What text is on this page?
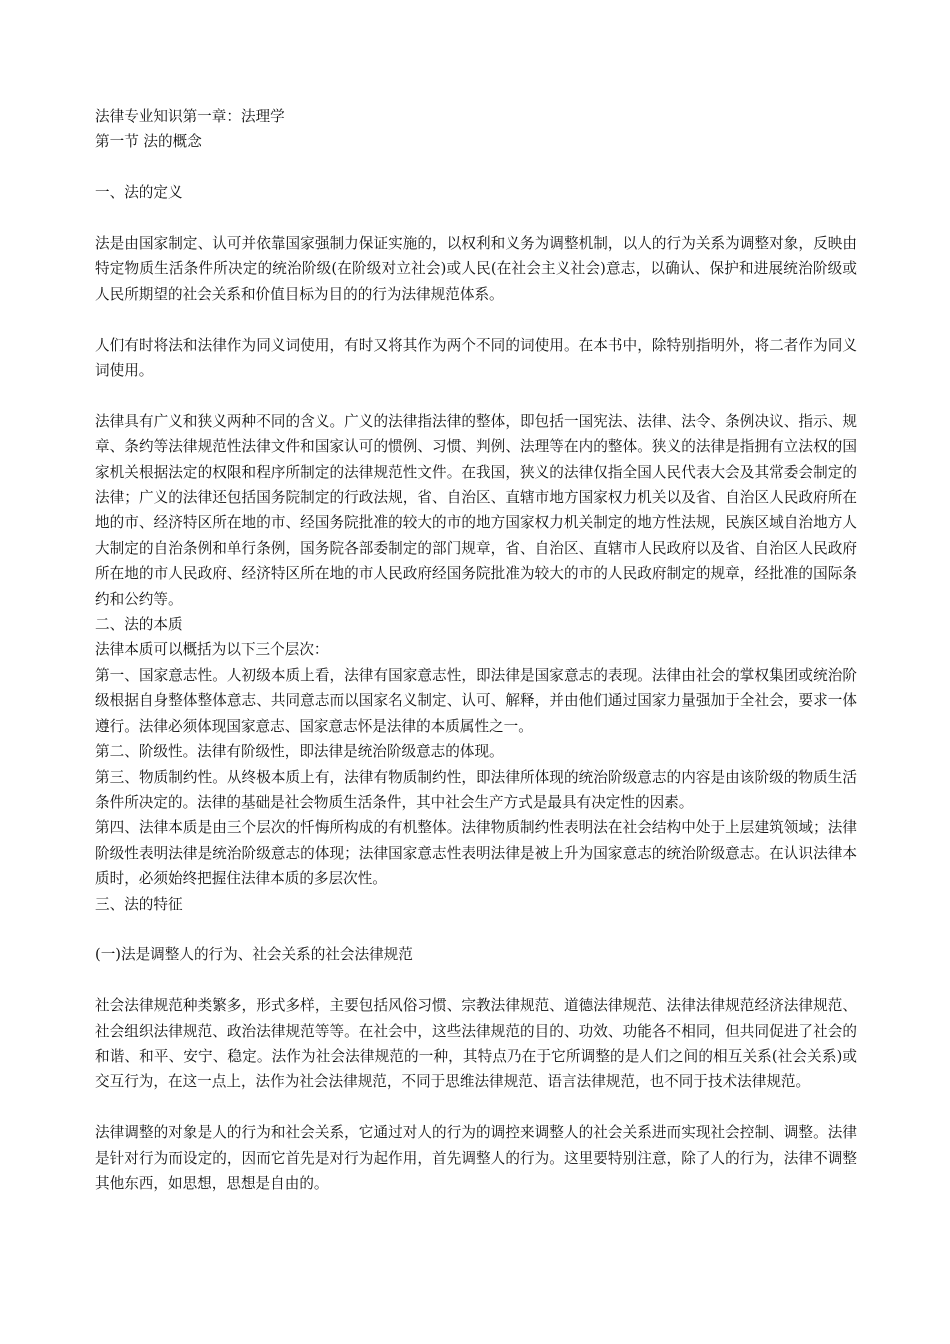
法律专业知识第一章：法理学

第一节 法的概念

一、法的定义

法是由国家制定、认可并依靠国家强制力保证实施的，以权利和义务为调整机制，以人的行为关系为调整对象，反映由特定物质生活条件所决定的统治阶级(在阶级对立社会)或人民(在社会主义社会)意志，以确认、保护和进展统治阶级或人民所期望的社会关系和价值目标为目的的行为法律规范体系。

人们有时将法和法律作为同义词使用，有时又将其作为两个不同的词使用。在本书中，除特别指明外，将二者作为同义词使用。

法律具有广义和狭义两种不同的含义。广义的法律指法律的整体，即包括一国宪法、法律、法令、条例决议、指示、规章、条约等法律规范性法律文件和国家认可的惯例、习惯、判例、法理等在内的整体。狭义的法律是指拥有立法权的国家机关根据法定的权限和程序所制定的法律规范性文件。在我国，狭义的法律仅指全国人民代表大会及其常委会制定的法律；广义的法律还包括国务院制定的行政法规，省、自治区、直辖市地方国家权力机关以及省、自治区人民政府所在地的市、经济特区所在地的市、经国务院批准的较大的市的地方国家权力机关制定的地方性法规，民族区域自治地方人大制定的自治条例和单行条例，国务院各部委制定的部门规章，省、自治区、直辖市人民政府以及省、自治区人民政府所在地的市人民政府、经济特区所在地的市人民政府经国务院批准为较大的市的人民政府制定的规章，经批准的国际条约和公约等。

二、法的本质

法律本质可以概括为以下三个层次：

第一、国家意志性。人初级本质上看，法律有国家意志性，即法律是国家意志的表现。法律由社会的掌权集团或统治阶级根据自身整体整体意志、共同意志而以国家名义制定、认可、解释，并由他们通过国家力量强加于全社会，要求一体遵行。法律必须体现国家意志、国家意志怀是法律的本质属性之一。

第二、阶级性。法律有阶级性，即法律是统治阶级意志的体现。

第三、物质制约性。从终极本质上有，法律有物质制约性，即法律所体现的统治阶级意志的内容是由该阶级的物质生活条件所决定的。法律的基础是社会物质生活条件，其中社会生产方式是最具有决定性的因素。

第四、法律本质是由三个层次的忏悔所构成的有机整体。法律物质制约性表明法在社会结构中处于上层建筑领域；法律阶级性表明法律是统治阶级意志的体现；法律国家意志性表明法律是被上升为国家意志的统治阶级意志。在认识法律本质时，必须始终把握住法律本质的多层次性。

三、法的特征

(一)法是调整人的行为、社会关系的社会法律规范

社会法律规范种类繁多，形式多样，主要包括风俗习惯、宗教法律规范、道德法律规范、法律法律规范经济法律规范、社会组织法律规范、政治法律规范等等。在社会中，这些法律规范的目的、功效、功能各不相同，但共同促进了社会的和谐、和平、安宁、稳定。法作为社会法律规范的一种，其特点乃在于它所调整的是人们之间的相互关系(社会关系)或交互行为，在这一点上，法作为社会法律规范，不同于思维法律规范、语言法律规范，也不同于技术法律规范。

法律调整的对象是人的行为和社会关系，它通过对人的行为的调控来调整人的社会关系进而实现社会控制、调整。法律是针对行为而设定的，因而它首先是对行为起作用，首先调整人的行为。这里要特别注意，除了人的行为，法律不调整其他东西，如思想，思想是自由的。
